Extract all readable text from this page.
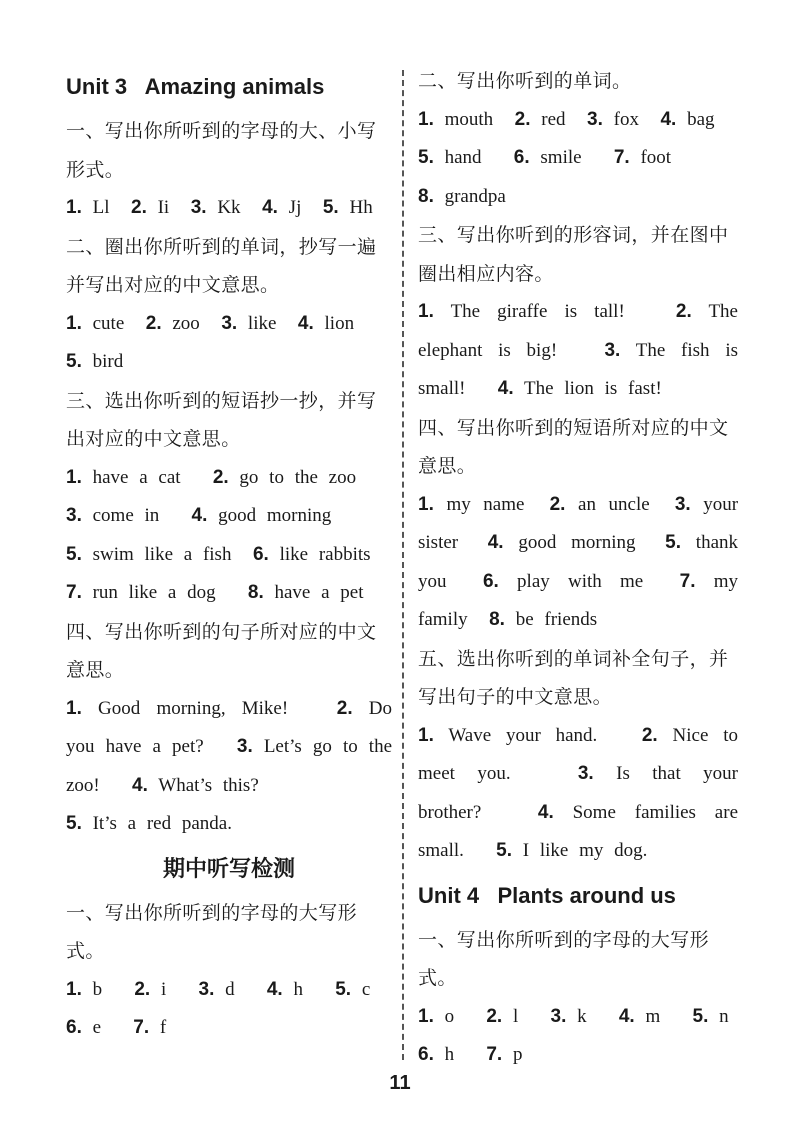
Unit 3   Amazing animals
一、写出你所听到的字母的大、小写形式。
1. Ll 2. Ii 3. Kk 4. Jj 5. Hh
二、圈出你所听到的单词，抄写一遍并写出对应的中文意思。
1. cute 2. zoo 3. like 4. lion
5. bird
三、选出你听到的短语抄一抄，并写出对应的中文意思。
1. have a cat 2. go to the zoo
3. come in 4. good morning
5. swim like a fish 6. like rabbits
7. run like a dog 8. have a pet
四、写出你听到的句子所对应的中文意思。
1. Good morning, Mike!	2. Do you have a pet? 3. Let’s go to the zoo! 4. What’s this?
5. It’s a red panda.
期中听写检测
一、写出你所听到的字母的大写形式。
1. b 2. i 3. d 4. h 5. c
6. e 7. f
二、写出你听到的单词。
1. mouth 2. red 3. fox 4. bag
5. hand 6. smile 7. foot
8. grandpa
三、写出你听到的形容词，并在图中圈出相应内容。
1. The giraffe is tall!	2. The elephant is big! 3. The fish is small! 4. The lion is fast!
四、写出你听到的短语所对应的中文意思。
1. my name 2. an uncle 3. your sister 4. good morning 5. thank you 6. play with me 7. my family 8. be friends
五、选出你听到的单词补全句子，并写出句子的中文意思。
1. Wave your hand. 2. Nice to meet you.	3. Is that your brother?	4. Some families are small. 5. I like my dog.
Unit 4   Plants around us
一、写出你所听到的字母的大写形式。
1. o 2. l 3. k 4. m 5. n
6. h 7. p
11
